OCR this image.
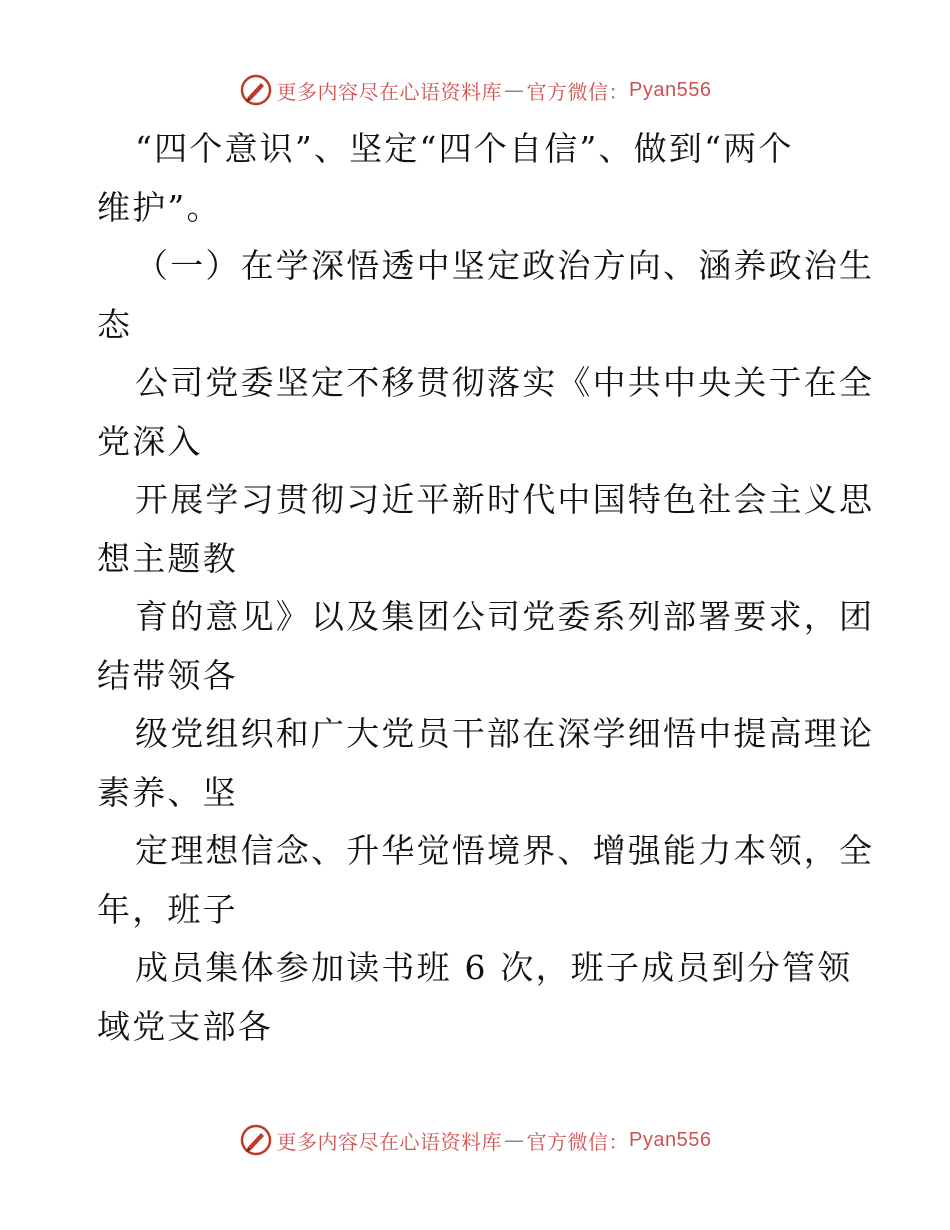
更多内容尽在心语资料库 — 官方微信： Pyan556
“四个意识”、坚定“四个自信”、做到“两个
维护”。
（一）在学深悟透中坚定政治方向、涵养政治生
态
公司党委坚定不移贯彻落实《中共中央关于在全
党深入
开展学习贯彻习近平新时代中国特色社会主义思
想主题教
育的意见》以及集团公司党委系列部署要求，团
结带领各
级党组织和广大党员干部在深学细悟中提高理论
素养、坚
定理想信念、升华觉悟境界、增强能力本领，全
年，班子
成员集体参加读书班 6 次，班子成员到分管领
域党支部各
更多内容尽在心语资料库 — 官方微信： Pyan556
